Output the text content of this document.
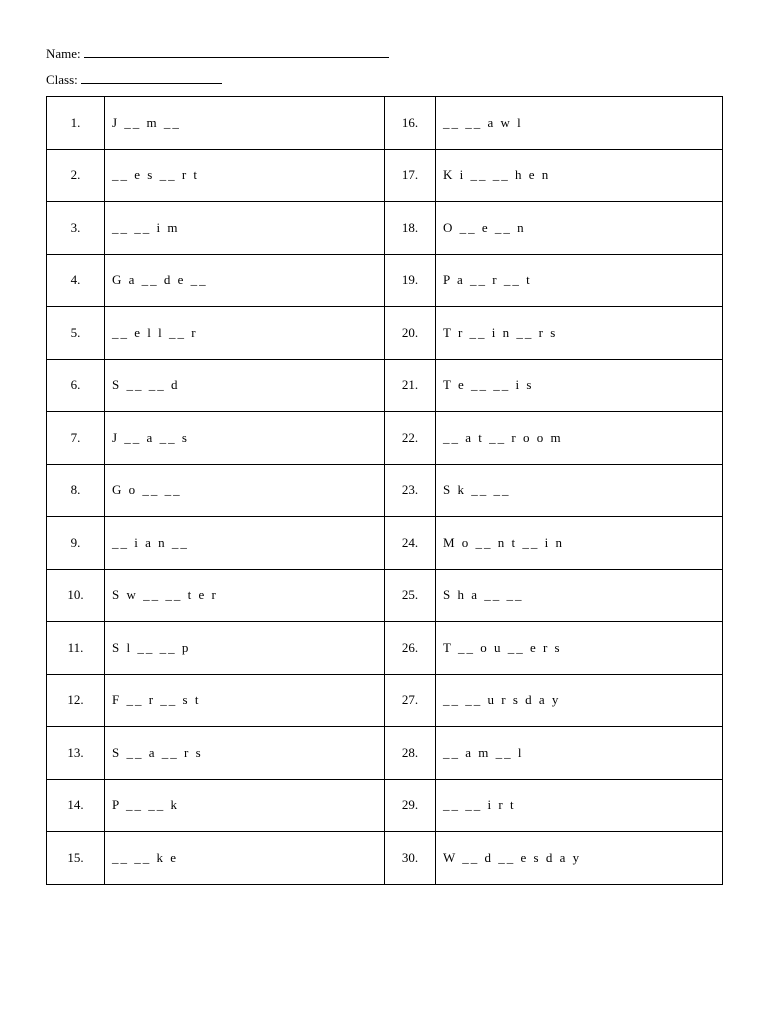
Name:
Class:
1.	J __ m __	16.	__ __ a w l
2.	__ e s __ r t	17.	K i __ __ h e n
3.	__ __ i m	18.	O __ e __ n
4.	G a __ d e __	19.	P a __ r __ t
5.	__ e l l __ r	20.	T r __ i n __ r s
6.	S __ __ d	21.	T e __ __ i s
7.	J __ a __ s	22.	__ a t __ r o o m
8.	G o __ __	23.	S k __ __
9.	__ i a n __	24.	M o __ n t __ i n
10.	S w __ __ t e r	25.	S h a __ __
11.	S l __ __ p	26.	T __ o u __ e r s
12.	F __ r __ s t	27.	__ __ u r s d a y
13.	S __ a __ r s	28.	__ a m __ l
14.	P __ __ k	29.	__ __ i r t
15.	__ __ k e	30.	W __ d __ e s d a y
